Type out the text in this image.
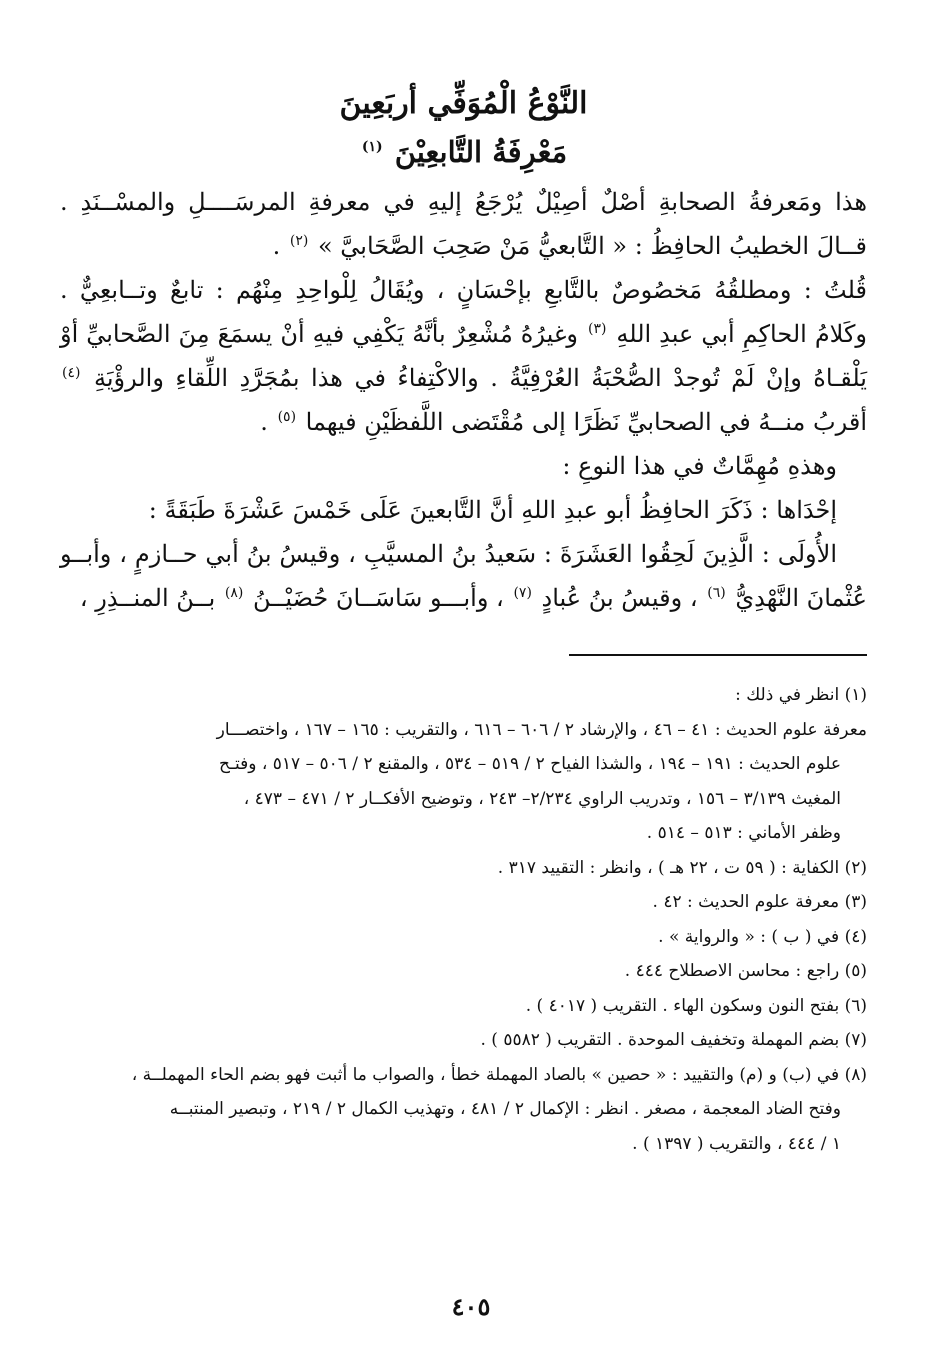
النَّوْعُ الْمُوَفِّي أربَعِينَ
مَعْرِفَةُ التَّابعِيْنَ $^{(١)}$

هذا ومَعرفةُ الصحابةِ أصْلٌ أصِيْلٌ يُرْجَعُ إليهِ في معرفةِ المرسَــــلِ والمسْــنَدِ . قــالَ الخطيبُ الحافِظُ : « التَّابعيُّ مَنْ صَحِبَ الصَّحَابيَّ » $^{(٢)}$ .

قُلتُ : ومطلقُهُ مَخصُوصٌ بالتَّابعِ بإحْسَانٍ ، ويُقَالُ لِلْواحِدِ مِنْهُم : تابعٌ وتــابعِيٌّ . وكَلامُ الحاكِمِ أبي عبدِ اللهِ $^{(٣)}$ وغيرُهُ مُشْعِرٌ بأنَّهُ يَكْفِي فيهِ أنْ يسمَعَ مِنَ الصَّحابيِّ أوْ يَلْقـاهُ وإنْ لَمْ تُوجدْ الصُّحْبَةُ العُرْفِيَّةُ . والاكْتِفاءُ في هذا بمُجَرَّدِ اللِّقاءِ والرؤْيَةِ $^{(٤)}$ أقربُ منــهُ في الصحابيِّ نَظَرًا إلى مُقْتَضى اللَّفظَيْنِ فيهما $^{(٥)}$ .

وهذهِ مُهِمَّاتٌ في هذا النوعِ :

إحْدَاها : ذَكَرَ الحافِظُ أبو عبدِ اللهِ أنَّ التَّابعينَ عَلَى خَمْسَ عَشْرَةَ طَبَقَةً :

الأُولَى : الَّذِينَ لَحِقُوا العَشَرَةَ : سَعيدُ بنُ المسيَّبِ ، وقيسُ بنُ أبي حــازمٍ ، وأبــو عُثْمانَ النَّهْدِيُّ $^{(٦)}$ ، وقيسُ بنُ عُبادٍ $^{(٧)}$ ، وأبـــو سَاسَــانَ حُضَيْــنُ $^{(٨)}$ بــنُ المنــذِرِ ،

(١) انظر في ذلك :

معرفة علوم الحديث : ٤١ – ٤٦ ، والإرشاد ٢ / ٦٠٦ – ٦١٦ ، والتقريب : ١٦٥ – ١٦٧ ، واختصـــار

علوم الحديث : ١٩١ – ١٩٤ ، والشذا الفياح ٢ / ٥١٩ – ٥٣٤ ، والمقنع ٢ / ٥٠٦ – ٥١٧ ، وفتـح

المغيث ٣/١٣٩ – ١٥٦ ، وتدريب الراوي ٢/٢٣٤– ٢٤٣ ، وتوضيح الأفكــار ٢ / ٤٧١ – ٤٧٣ ،

وظفر الأماني : ٥١٣ – ٥١٤ .

(٢) الكفاية : ( ٥٩ ت ، ٢٢ هـ ) ، وانظر : التقييد ٣١٧ .

(٣) معرفة علوم الحديث : ٤٢ .

(٤) في ( ب ) : « والرواية » .

(٥) راجع : محاسن الاصطلاح ٤٤٤ .

(٦) بفتح النون وسكون الهاء . التقريب ( ٤٠١٧ ) .

(٧) بضم المهملة وتخفيف الموحدة . التقريب ( ٥٥٨٢ ) .

(٨) في (ب) و (م) والتقييد : « حصين » بالصاد المهملة خطأ ، والصواب ما أثبت فهو بضم الحاء المهملــة ،

وفتح الضاد المعجمة ، مصغر . انظر : الإكمال ٢ / ٤٨١ ، وتهذيب الكمال ٢ / ٢١٩ ، وتبصير المنتبــه

١ / ٤٤٤ ، والتقريب ( ١٣٩٧ ) .

٤٠٥
